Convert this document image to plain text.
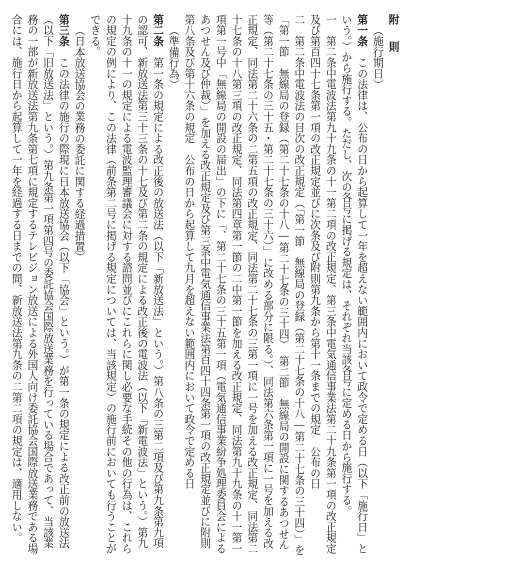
附　則

（施行期日）

第一条　この法律は、公布の日から起算して一年を超えない範囲内において政令で定める日（以下「施行日」という。）から施行する。ただし、次の各号に掲げる規定は、それぞれ当該各号に定める日から施行する。

一　第二条中電波法第九十九条の十一第二項の改正規定、第三条中電気通信事業法第二十九条第一項の改正規定及び第百四十七条第一項の改正規定並びに次条及び附則第九条から第十一条までの規定　公布の日

二　第二条中電波法の目次の改正規定（「第一節　無線局の登録（第二十七条の十八―第二十七条の三十四）」を「第一節　無線局の登録（第二十七条の十八―第二十七条の三十四）　第二節　無線局の開設に関するあつせん等（第二十七条の三十五・第二十七条の三十六）」に改める部分に限る。）、同法第六条第一項に一号を加える改正規定、同法第二十六条の二第五項の改正規定、同法第二十七条の三第一項に一号を加える改正規定、同法第二十七条の十八第三項の改正規定、同法第四章第一節の二中第一節を加える改正規定、同法第九十九条の十一第一項第一号中「無線局の開設の届出」の下に「、第二十七条の三十五第一項（電気通信事業紛争処理委員会によるあつせん及び仲裁）」を加える改正規定及び第三条中電気通信事業法第百四十四条第一項の改正規定並びに附則第八条及び第十六条の規定　公布の日から起算して九月を超えない範囲内において政令で定める日

（準備行為）

第二条　第一条の規定による改正後の放送法（以下「新放送法」という。）第八条の三第二項及び第九条第九項の認可、新放送法第三十三条の十七及び第二条の規定による改正後の電波法（以下「新電波法」という。）第九十九条の十一の規定による電波監理審議会に対する諮問並びにこれらに関し必要な手続その他の行為は、これらの規定の例により、この法律（前条第二号に掲げる規定については、当該規定）の施行前においても行うことができる。

（日本放送協会の業務の委託に関する経過措置）

第三条　この法律の施行の際現に日本放送協会（以下「協会」という。）が第一条の規定による改正前の放送法（以下「旧放送法」という。）第九条第一項第四号の委託協会国際放送業務を行っている場合であって、当該業務の一部が新放送法第九条第七項に規定するテレビジョン放送による外国人向け委託協会国際放送業務である場合には、施行日から起算して一年を経過する日までの間、新放送法第九条の二第二項の規定は、適用しない。
